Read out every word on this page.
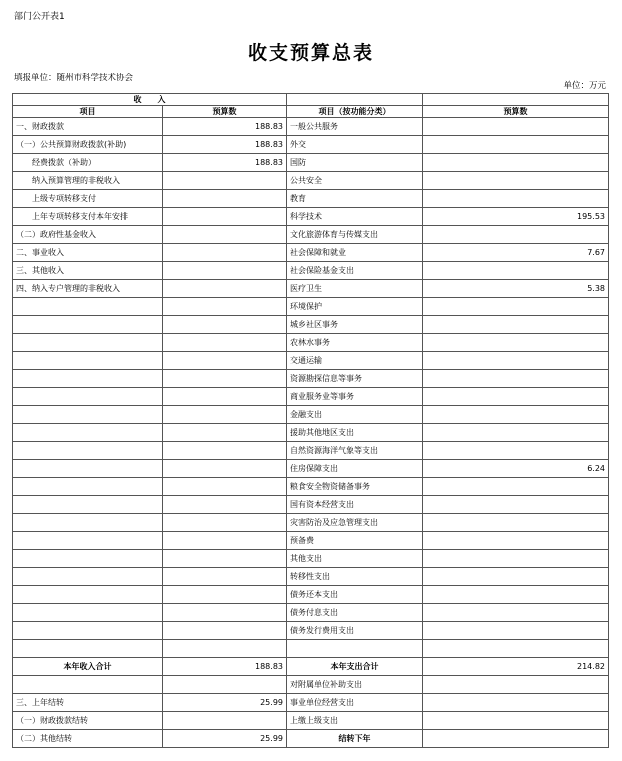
部门公开表1
收支预算总表
填报单位：随州市科学技术协会
单位：万元
收　　入			
项目	预算数	项目（按功能分类）	预算数
一、财政拨款	188.83	一般公共服务	
（一）公共预算财政拨款(补助)	188.83	外交	
　　经费拨款（补助）	188.83	国防	
　　纳入预算管理的非税收入		公共安全	
　　上级专项转移支付		教育	
　　上年专项转移支付本年安排		科学技术	195.53
（二）政府性基金收入		文化旅游体育与传媒支出	
二、事业收入		社会保障和就业	7.67
三、其他收入		社会保险基金支出	
四、纳入专户管理的非税收入		医疗卫生	5.38
		环境保护	
		城乡社区事务	
		农林水事务	
		交通运输	
		资源勘探信息等事务	
		商业服务业等事务	
		金融支出	
		援助其他地区支出	
		自然资源海洋气象等支出	
		住房保障支出	6.24
		粮食安全物资储备事务	
		国有资本经营支出	
		灾害防治及应急管理支出	
		预备费	
		其他支出	
		转移性支出	
		债务还本支出	
		债务付息支出	
		债务发行费用支出	

本年收入合计	188.83	本年支出合计	214.82
		对附属单位补助支出	
三、上年结转	25.99	事业单位经营支出	
（一）财政拨款结转		上缴上级支出	
（二）其他结转	25.99	结转下年	
